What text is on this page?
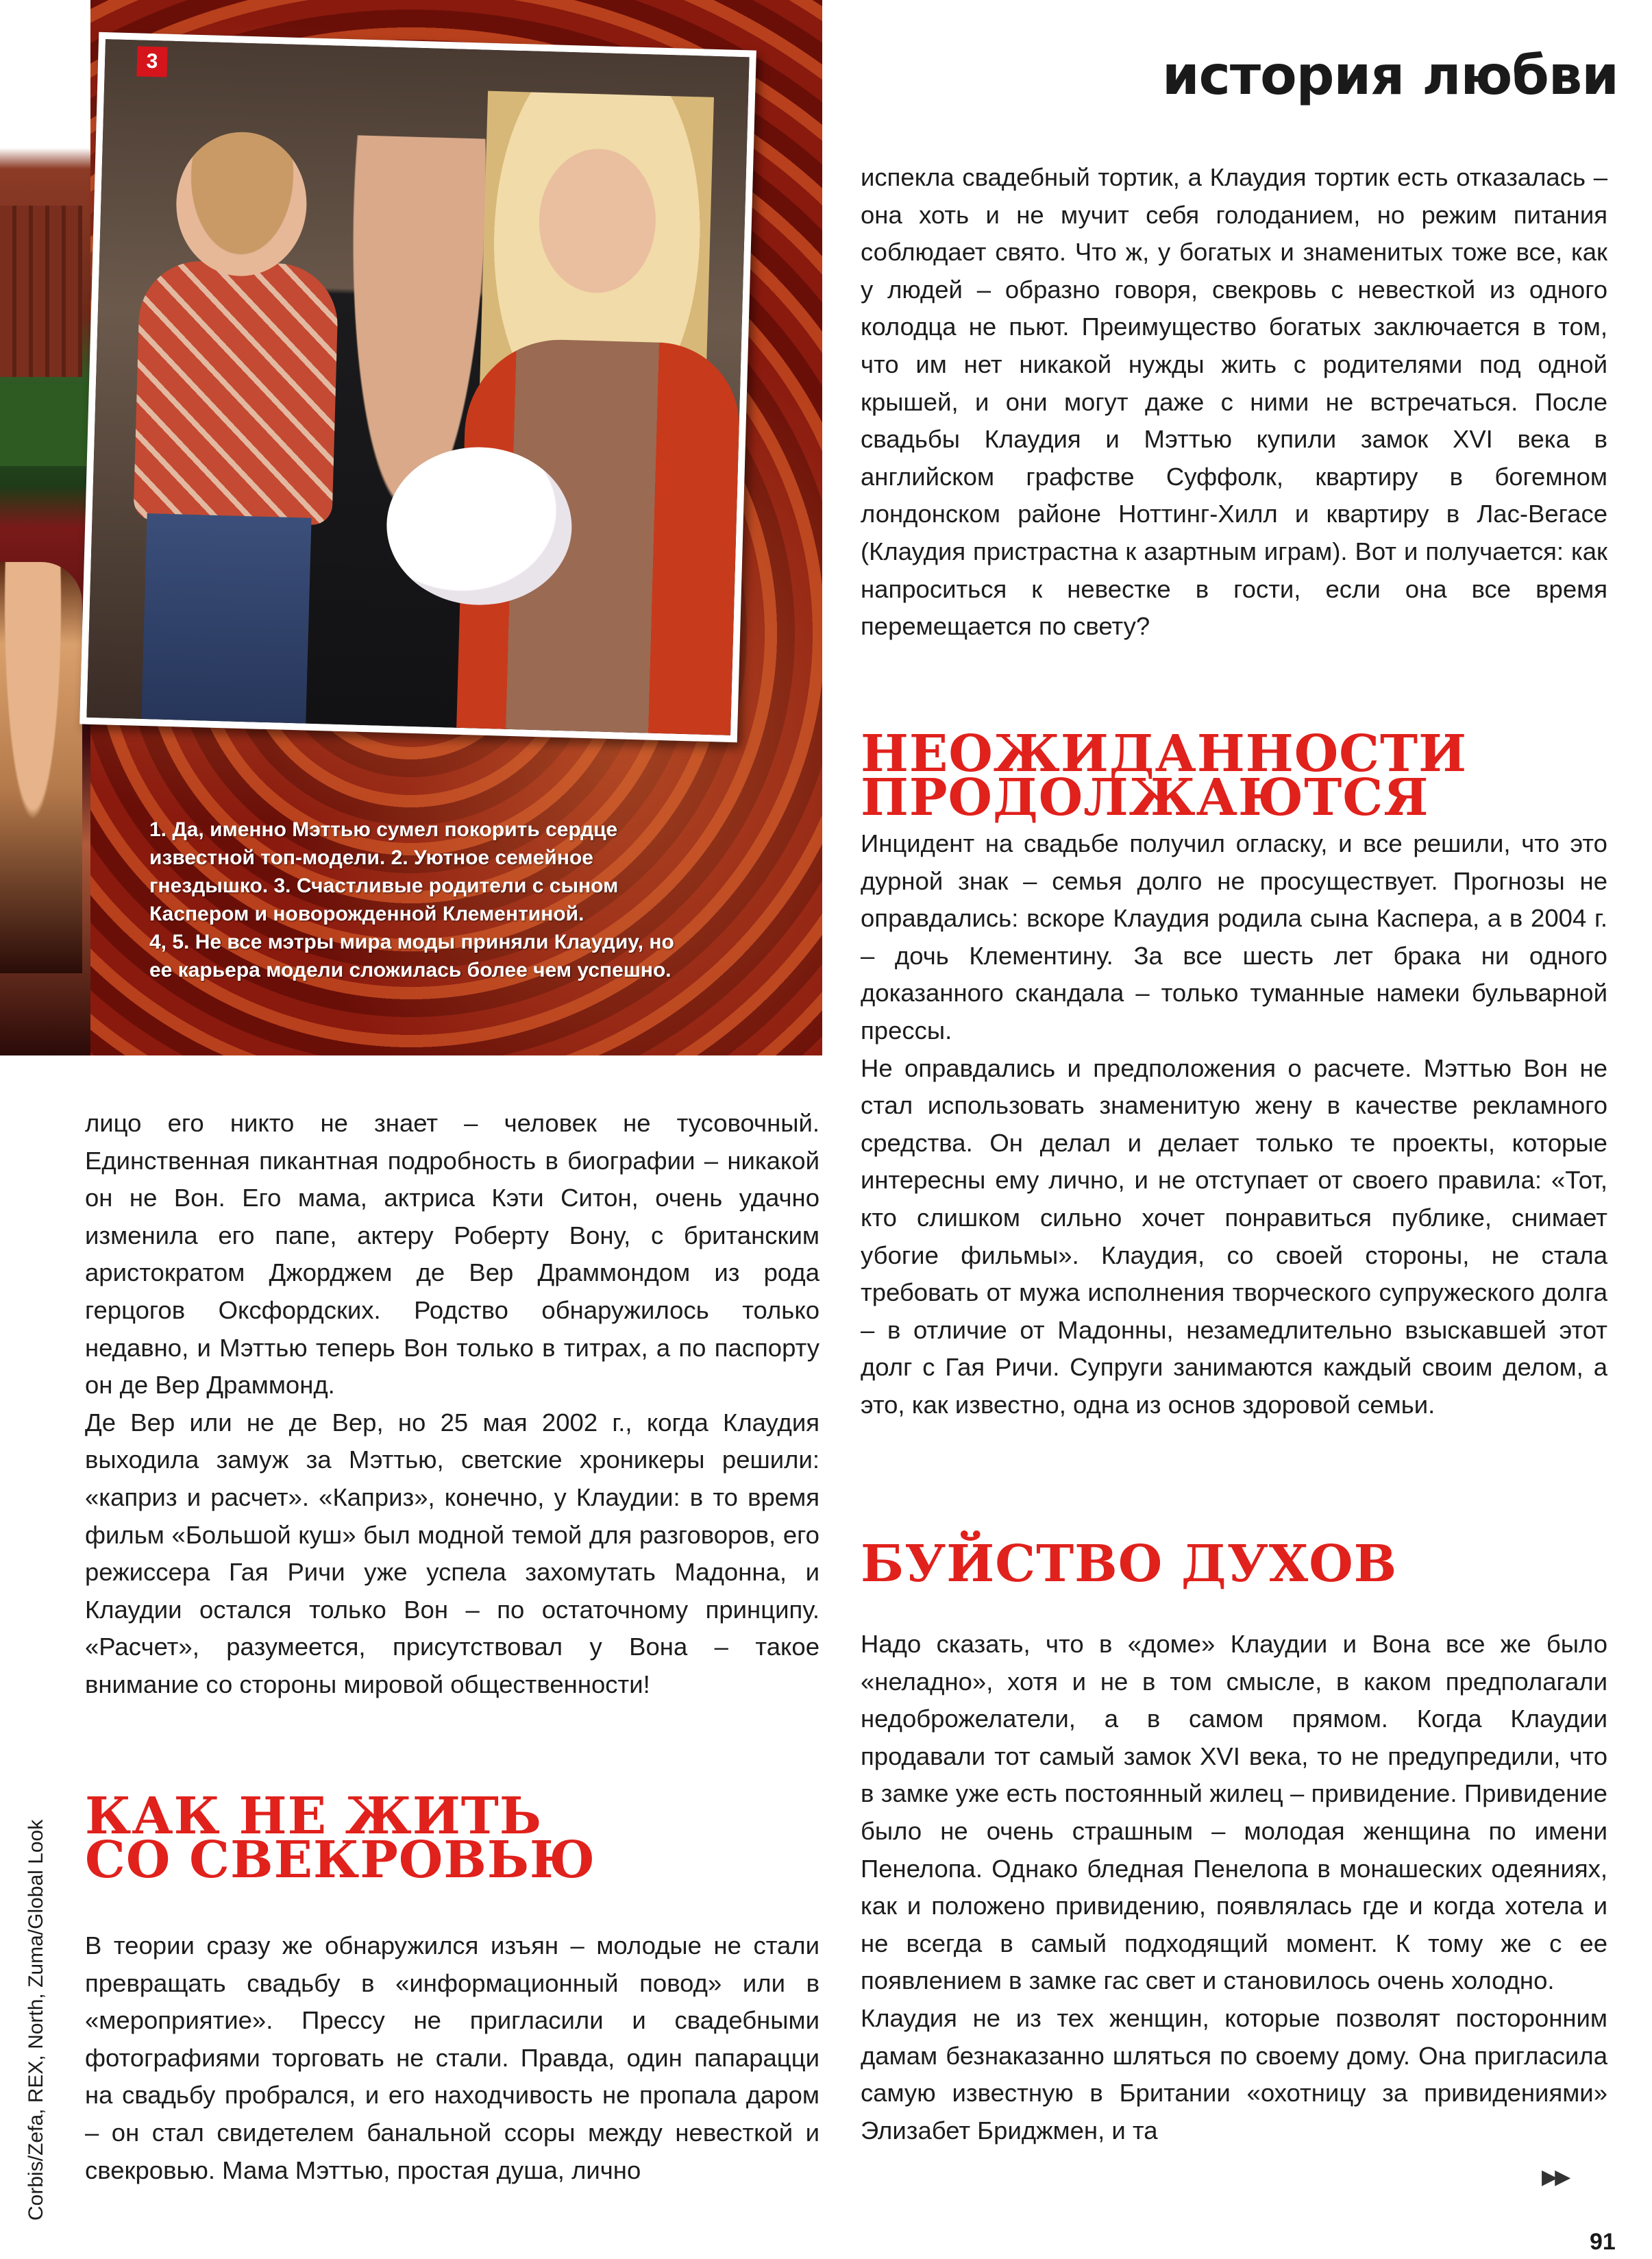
3
1. Да, именно Мэттью сумел покорить сердце
известной топ-модели. 2. Уютное семейное
гнездышко. 3. Счастливые родители с сыном
Каспером и новорожденной Клементиной.
4, 5. Не все мэтры мира моды приняли Клаудиу, но
ее карьера модели сложилась более чем успешно.
история любви

лицо его никто не знает – человек не тусовочный. Единственная пикантная подробность в биографии – никакой он не Вон. Его мама, актриса Кэти Ситон, очень удачно изменила его папе, актеру Роберту Вону, с британским аристократом Джорджем де Вер Драммондом из рода герцогов Оксфордских. Родство обнаружилось только недавно, и Мэттью теперь Вон только в титрах, а по паспорту он де Вер Драммонд.

Де Вер или не де Вер, но 25 мая 2002 г., когда Клаудия выходила замуж за Мэттью, светские хроникеры решили: «каприз и расчет». «Каприз», конечно, у Клаудии: в то время фильм «Большой куш» был модной темой для разговоров, его режиссера Гая Ричи уже успела захомутать Мадонна, и Клаудии остался только Вон – по остаточному принципу. «Расчет», разумеется, присутствовал у Вона – такое внимание со стороны мировой общественности!

КАК НЕ ЖИТЬ
СО СВЕКРОВЬЮ

В теории сразу же обнаружился изъян – молодые не стали превращать свадьбу в «информационный повод» или в «мероприятие». Прессу не пригласили и свадебными фотографиями торговать не стали. Правда, один папарацци на свадьбу пробрался, и его находчивость не пропала даром – он стал свидетелем банальной ссоры между невесткой и свекровью. Мама Мэттью, простая душа, лично

испекла свадебный тортик, а Клаудия тортик есть отказалась – она хоть и не мучит себя голоданием, но режим питания соблюдает свято. Что ж, у богатых и знаменитых тоже все, как у людей – образно говоря, свекровь с невесткой из одного колодца не пьют. Преимущество богатых заключается в том, что им нет никакой нужды жить с родителями под одной крышей, и они могут даже с ними не встречаться. После свадьбы Клаудия и Мэттью купили замок XVI века в английском графстве Суффолк, квартиру в богемном лондонском районе Ноттинг-Хилл и квартиру в Лас-Вегасе (Клаудия пристрастна к азартным играм). Вот и получается: как напроситься к невестке в гости, если она все время перемещается по свету?

НЕОЖИДАННОСТИ
ПРОДОЛЖАЮТСЯ

Инцидент на свадьбе получил огласку, и все решили, что это дурной знак – семья долго не просуществует. Прогнозы не оправдались: вскоре Клаудия родила сына Каспера, а в 2004 г. – дочь Клементину. За все шесть лет брака ни одного доказанного скандала – только туманные намеки бульварной прессы.

Не оправдались и предположения о расчете. Мэттью Вон не стал использовать знаменитую жену в качестве рекламного средства. Он делал и делает только те проекты, которые интересны ему лично, и не отступает от своего правила: «Тот, кто слишком сильно хочет понравиться публике, снимает убогие фильмы». Клаудия, со своей стороны, не стала требовать от мужа исполнения творческого супружеского долга – в отличие от Мадонны, незамедлительно взыскавшей этот долг с Гая Ричи. Супруги занимаются каждый своим делом, а это, как известно, одна из основ здоровой семьи.

БУЙСТВО ДУХОВ

Надо сказать, что в «доме» Клаудии и Вона все же было «неладно», хотя и не в том смысле, в каком предполагали недоброжелатели, а в самом прямом. Когда Клаудии продавали тот самый замок XVI века, то не предупредили, что в замке уже есть постоянный жилец – привидение. Привидение было не очень страшным – молодая женщина по имени Пенелопа. Однако бледная Пенелопа в монашеских одеяниях, как и положено привидению, появлялась где и когда хотела и не всегда в самый подходящий момент. К тому же с ее появлением в замке гас свет и становилось очень холодно.

Клаудия не из тех женщин, которые позволят посторонним дамам безнаказанно шляться по своему дому. Она пригласила самую известную в Британии «охотницу за привидениями» Элизабет Бриджмен, и та

▶▶
Corbis/Zefa, REX, North, Zuma/Global Look
91
